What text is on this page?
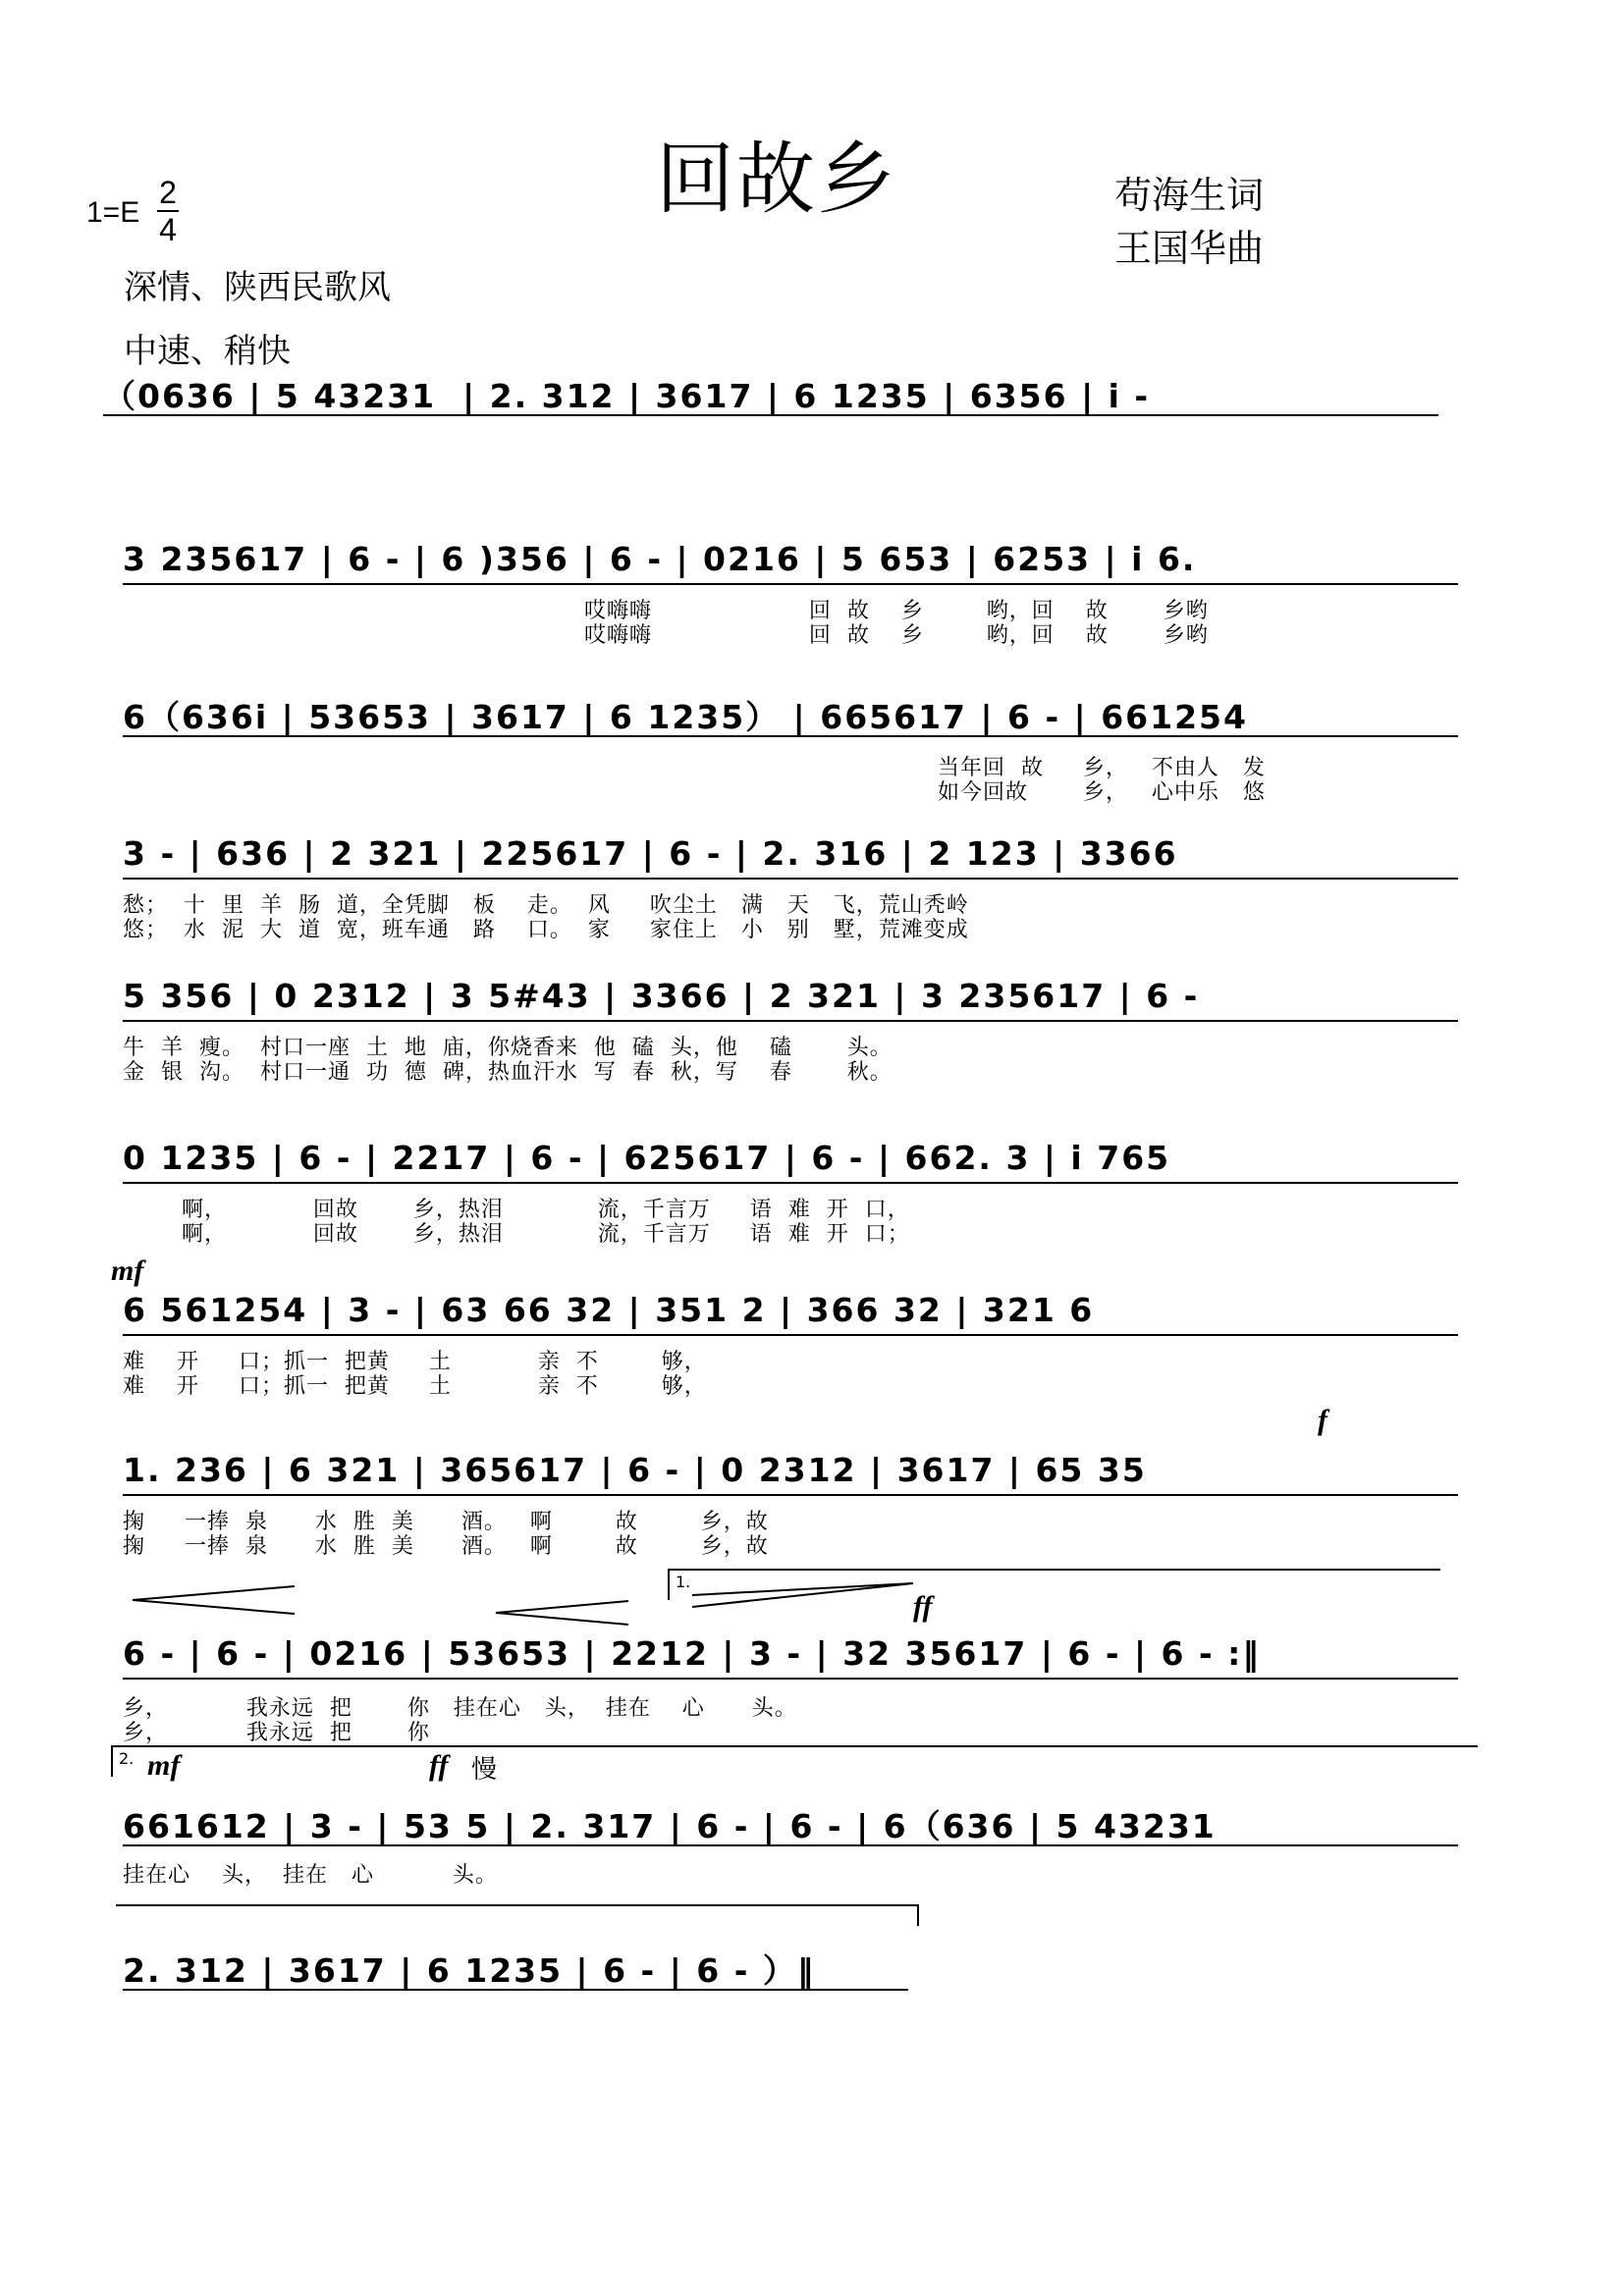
回故乡	苟海生词
王国华曲
1=E
2
4
深情、陕西民歌风
中速、稍快
（0636 | 5 43231  | 2. 312 | 3617 | 6 1235 | 6356 | i -
3 235617 | 6 - | 6 )356 | 6 - | 0216 | 5 653 | 6253 | i 6.
哎嗨嗨                    回  故    乡        哟，回    故       乡哟
哎嗨嗨                    回  故    乡        哟，回    故       乡哟
6（636i | 53653 | 3617 | 6 1235） | 665617 | 6 - | 661254
当年回  故     乡，   不由人   发
如今回故       乡，   心中乐   悠
3 - | 636 | 2 321 | 225617 | 6 - | 2. 316 | 2 123 | 3366
愁；  十  里  羊  肠  道，全凭脚   板    走。  风     吹尘土   满   天   飞，荒山秃岭
悠；  水  泥  大  道  宽，班车通   路    口。  家     家住上   小   别   墅，荒滩变成
5 356 | 0 2312 | 3 5#43 | 3366 | 2 321 | 3 235617 | 6 -
牛  羊  瘦。  村口一座  土  地  庙，你烧香来  他  磕  头，他    磕       头。
金  银  沟。  村口一通  功  德  碑，热血汗水  写  春  秋，写    春       秋。
0 1235 | 6 - | 2217 | 6 - | 625617 | 6 - | 662. 3 | i 765
啊，           回故       乡，热泪            流，千言万     语  难  开  口，
啊，           回故       乡，热泪            流，千言万     语  难  开  口；
mf
6 561254 | 3 - | 63 66 32 | 351 2 | 366 32 | 321 6
难    开     口；抓一  把黄     土           亲  不        够，
难    开     口；抓一  把黄     土           亲  不        够，
f
1. 236 | 6 321 | 365617 | 6 - | 0 2312 | 3617 | 65 35
掬     一捧  泉      水  胜  美      酒。   啊        故        乡，故
掬     一捧  泉      水  胜  美      酒。   啊        故        乡，故
1.
ff
6 - | 6 - | 0216 | 53653 | 2212 | 3 - | 32 35617 | 6 - | 6 - :‖
乡，          我永远  把       你   挂在心   头，  挂在    心      头。
乡，          我永远  把       你
2. mf	ff 慢
661612 | 3 - | 53 5 | 2. 317 | 6 - | 6 - | 6（636 | 5 43231
挂在心    头，  挂在   心          头。
2. 312 | 3617 | 6 1235 | 6 - | 6 - ）‖
